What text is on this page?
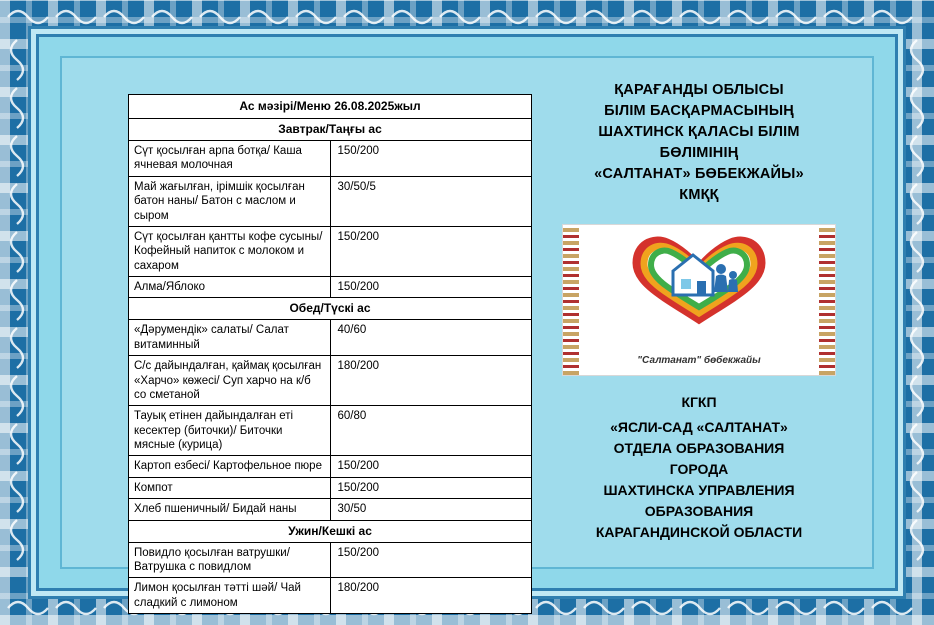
Ас мәзірі/Меню 26.08.2025жыл	
Завтрак/Таңғы ас	
Сүт қосылған арпа ботқа/ Каша ячневая молочная	150/200
Май жағылған, ірімшік қосылған батон наны/ Батон с маслом и сыром	30/50/5
Сүт қосылған қантты кофе сусыны/ Кофейный напиток с молоком и сахаром	150/200
Алма/Яблоко	150/200
Обед/Түскі ас	
«Дәрумендік» салаты/ Салат витаминный	40/60
С/с дайындалған, қаймақ қосылған «Харчо» көжесі/ Суп харчо на к/б со сметаной	180/200
Тауық етінен дайындалған еті кесектер (биточки)/ Биточки мясные (курица)	60/80
Картоп езбесі/ Картофельное пюре	150/200
Компот	150/200
Хлеб пшеничный/ Бидай наны	30/50
Ужин/Кешкі ас	
Повидло қосылған ватрушки/ Ватрушка с повидлом	150/200
Лимон қосылған тәтті шәй/ Чай сладкий с лимоном	180/200
ҚАРАҒАНДЫ ОБЛЫСЫ
БІЛІМ БАСҚАРМАСЫНЫҢ
ШАХТИНСК ҚАЛАСЫ БІЛІМ
БӨЛІМІНІҢ
«САЛТАНАТ» БӨБЕКЖАЙЫ»
КМҚҚ
"Салтанат" бөбекжайы
КГКП
«ЯСЛИ-САД «САЛТАНАТ»
ОТДЕЛА ОБРАЗОВАНИЯ
ГОРОДА
ШАХТИНСКА УПРАВЛЕНИЯ
ОБРАЗОВАНИЯ
КАРАГАНДИНСКОЙ ОБЛАСТИ
